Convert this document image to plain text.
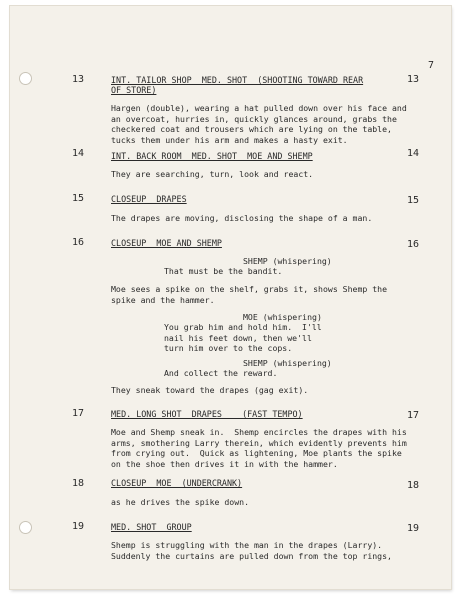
7
13	13
INT. TAILOR SHOP  MED. SHOT  (SHOOTING TOWARD REAR
OF STORE)
Hargen (double), wearing a hat pulled down over his face and
an overcoat, hurries in, quickly glances around, grabs the
checkered coat and trousers which are lying on the table,
tucks them under his arm and makes a hasty exit.
14	14
INT. BACK ROOM  MED. SHOT  MOE AND SHEMP
They are searching, turn, look and react.
15	15
CLOSEUP  DRAPES
The drapes are moving, disclosing the shape of a man.
16	16
CLOSEUP  MOE AND SHEMP
SHEMP (whispering)
That must be the bandit.
Moe sees a spike on the shelf, grabs it, shows Shemp the
spike and the hammer.
MOE (whispering)
You grab him and hold him.  I'll
nail his feet down, then we'll
turn him over to the cops.
SHEMP (whispering)
And collect the reward.
They sneak toward the drapes (gag exit).
17	17
MED. LONG SHOT  DRAPES    (FAST TEMPO)
Moe and Shemp sneak in.  Shemp encircles the drapes with his
arms, smothering Larry therein, which evidently prevents him
from crying out.  Quick as lightening, Moe plants the spike
on the shoe then drives it in with the hammer.
18	18
CLOSEUP  MOE  (UNDERCRANK)
as he drives the spike down.
19	19
MED. SHOT  GROUP
Shemp is struggling with the man in the drapes (Larry).
Suddenly the curtains are pulled down from the top rings,
